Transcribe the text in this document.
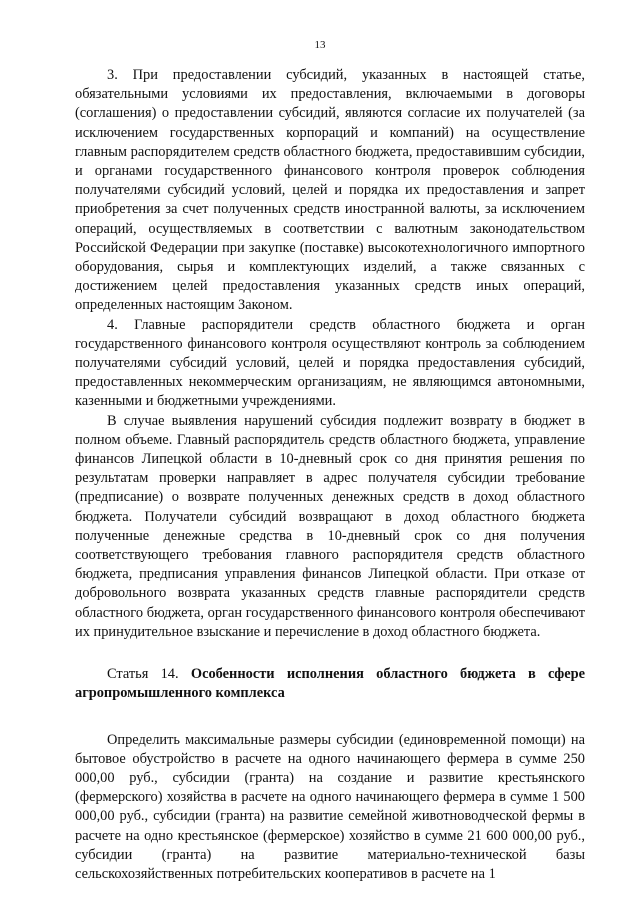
13

3. При предоставлении субсидий, указанных в настоящей статье, обязательными условиями их предоставления, включаемыми в договоры (соглашения) о предоставлении субсидий, являются согласие их получателей (за исключением государственных корпораций и компаний) на осуществление главным распорядителем средств областного бюджета, предоставившим субсидии, и органами государственного финансового контроля проверок соблюдения получателями субсидий условий, целей и порядка их предоставления и запрет приобретения за счет полученных средств иностранной валюты, за исключением операций, осуществляемых в соответствии с валютным законодательством Российской Федерации при закупке (поставке) высокотехнологичного импортного оборудования, сырья и комплектующих изделий, а также связанных с достижением целей предоставления указанных средств иных операций, определенных настоящим Законом.

4. Главные распорядители средств областного бюджета и орган государственного финансового контроля осуществляют контроль за соблюдением получателями субсидий условий, целей и порядка предоставления субсидий, предоставленных некоммерческим организациям, не являющимся автономными, казенными и бюджетными учреждениями.

В случае выявления нарушений субсидия подлежит возврату в бюджет в полном объеме. Главный распорядитель средств областного бюджета, управление финансов Липецкой области в 10-дневный срок со дня принятия решения по результатам проверки направляет в адрес получателя субсидии требование (предписание) о возврате полученных денежных средств в доход областного бюджета. Получатели субсидий возвращают в доход областного бюджета полученные денежные средства в 10-дневный срок со дня получения соответствующего требования главного распорядителя средств областного бюджета, предписания управления финансов Липецкой области. При отказе от добровольного возврата указанных средств главные распорядители средств областного бюджета, орган государственного финансового контроля обеспечивают их принудительное взыскание и перечисление в доход областного бюджета.

Статья 14. Особенности исполнения областного бюджета в сфере агропромышленного комплекса

Определить максимальные размеры субсидии (единовременной помощи) на бытовое обустройство в расчете на одного начинающего фермера в сумме 250 000,00 руб., субсидии (гранта) на создание и развитие крестьянского (фермерского) хозяйства в расчете на одного начинающего фермера в сумме 1 500 000,00 руб., субсидии (гранта) на развитие семейной животноводческой фермы в расчете на одно крестьянское (фермерское) хозяйство в сумме 21 600 000,00 руб., субсидии (гранта) на развитие материально-технической базы сельскохозяйственных потребительских кооперативов в расчете на 1
